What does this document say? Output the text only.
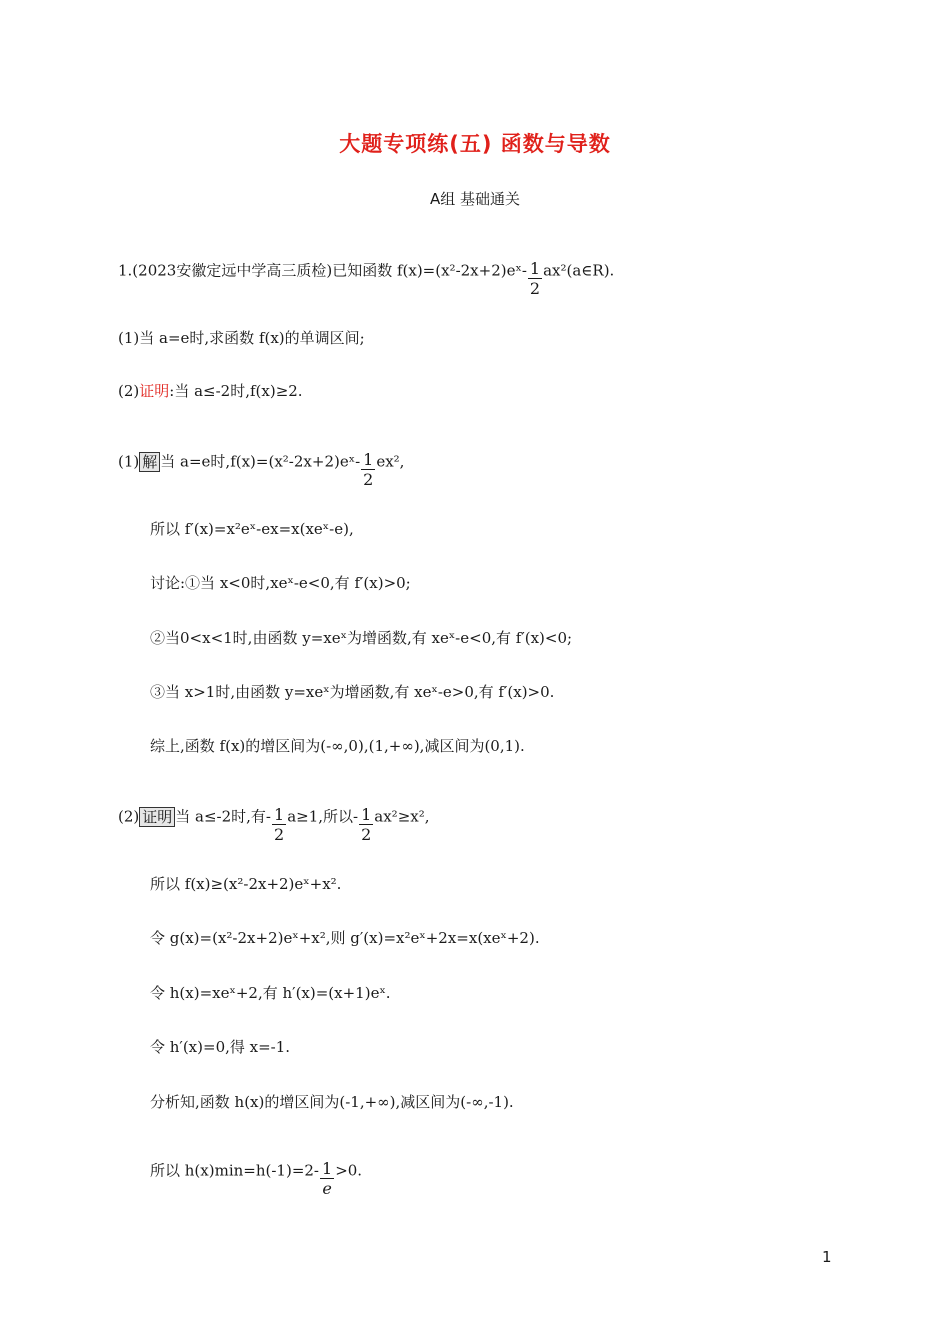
大题专项练(五) 函数与导数
A组 基础通关
1.(2023安徽定远中学高三质检)已知函数 f(x)=(x²-2x+2)eˣ- $\frac{1}{2}$ ax²(a∈R).
(1)当 a=e时,求函数 f(x)的单调区间;
(2)证明:当 a≤-2时,f(x)≥2.
(1) 解 当 a=e时,f(x)=(x²-2x+2)eˣ- $\frac{1}{2} ex^2$,
所以 f′(x)=x²eˣ-ex=x(xeˣ-e),
讨论:①当 x<0时,xeˣ-e<0,有 f′(x)>0;
②当0<x<1时,由函数 y=xeˣ为增函数,有 xeˣ-e<0,有 f′(x)<0;
③当 x>1时,由函数 y=xeˣ为增函数,有 xeˣ-e>0,有 f′(x)>0.
综上,函数 f(x)的增区间为(-∞,0),(1,+∞),减区间为(0,1).
(2) 证明 当 a≤-2时,有- $\frac{1}{2} a\ge 1$,所以- $\frac{1}{2} ax^2\ge x^2$,
所以 f(x)≥(x²-2x+2)eˣ+x².
令 g(x)=(x²-2x+2)eˣ+x²,则 g′(x)=x²eˣ+2x=x(xeˣ+2).
令 h(x)=xeˣ+2,有 h′(x)=(x+1)eˣ.
令 h′(x)=0,得 x=-1.
分析知,函数 h(x)的增区间为(-1,+∞),减区间为(-∞,-1).
所以 $h(x)\min=h(-1)=2- \frac{1}{e} >0$.
1
